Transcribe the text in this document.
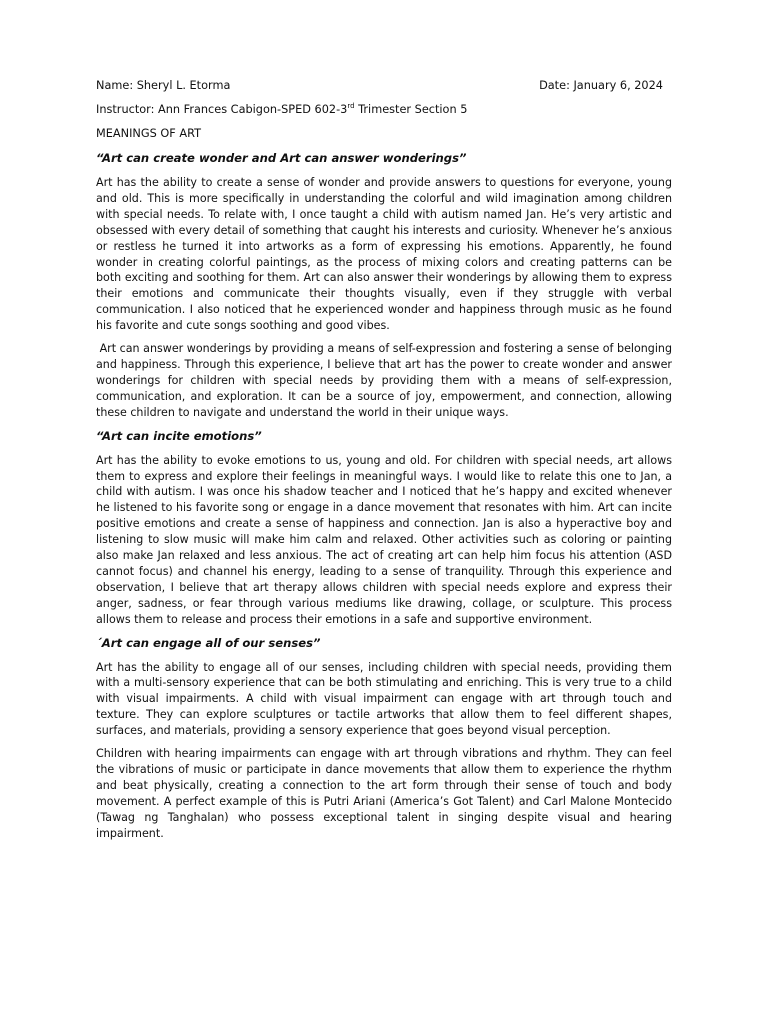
Name: Sheryl L. Etorma	Date: January 6, 2024
Instructor: Ann Frances Cabigon-SPED 602-3rd Trimester Section 5
MEANINGS OF ART
“Art can create wonder and Art can answer wonderings”

Art has the ability to create a sense of wonder and provide answers to questions for everyone, young and old. This is more specifically in understanding the colorful and wild imagination among children with special needs. To relate with, I once taught a child with autism named Jan. He’s very artistic and obsessed with every detail of something that caught his interests and curiosity. Whenever he’s anxious or restless he turned it into artworks as a form of expressing his emotions. Apparently, he found wonder in creating colorful paintings, as the process of mixing colors and creating patterns can be both exciting and soothing for them. Art can also answer their wonderings by allowing them to express their emotions and communicate their thoughts visually, even if they struggle with verbal communication. I also noticed that he experienced wonder and happiness through music as he found his favorite and cute songs soothing and good vibes.

Art can answer wonderings by providing a means of self-expression and fostering a sense of belonging and happiness. Through this experience, I believe that art has the power to create wonder and answer wonderings for children with special needs by providing them with a means of self-expression, communication, and exploration. It can be a source of joy, empowerment, and connection, allowing these children to navigate and understand the world in their unique ways.

“Art can incite emotions”

Art has the ability to evoke emotions to us, young and old. For children with special needs, art allows them to express and explore their feelings in meaningful ways. I would like to relate this one to Jan, a child with autism. I was once his shadow teacher and I noticed that he’s happy and excited whenever he listened to his favorite song or engage in a dance movement that resonates with him. Art can incite positive emotions and create a sense of happiness and connection. Jan is also a hyperactive boy and listening to slow music will make him calm and relaxed. Other activities such as coloring or painting also make Jan relaxed and less anxious. The act of creating art can help him focus his attention (ASD cannot focus) and channel his energy, leading to a sense of tranquility. Through this experience and observation, I believe that art therapy allows children with special needs explore and express their anger, sadness, or fear through various mediums like drawing, collage, or sculpture. This process allows them to release and process their emotions in a safe and supportive environment.

´Art can engage all of our senses”

Art has the ability to engage all of our senses, including children with special needs, providing them with a multi-sensory experience that can be both stimulating and enriching. This is very true to a child with visual impairments. A child with visual impairment can engage with art through touch and texture. They can explore sculptures or tactile artworks that allow them to feel different shapes, surfaces, and materials, providing a sensory experience that goes beyond visual perception.

Children with hearing impairments can engage with art through vibrations and rhythm. They can feel the vibrations of music or participate in dance movements that allow them to experience the rhythm and beat physically, creating a connection to the art form through their sense of touch and body movement. A perfect example of this is Putri Ariani (America’s Got Talent) and Carl Malone Montecido (Tawag ng Tanghalan) who possess exceptional talent in singing despite visual and hearing impairment.
